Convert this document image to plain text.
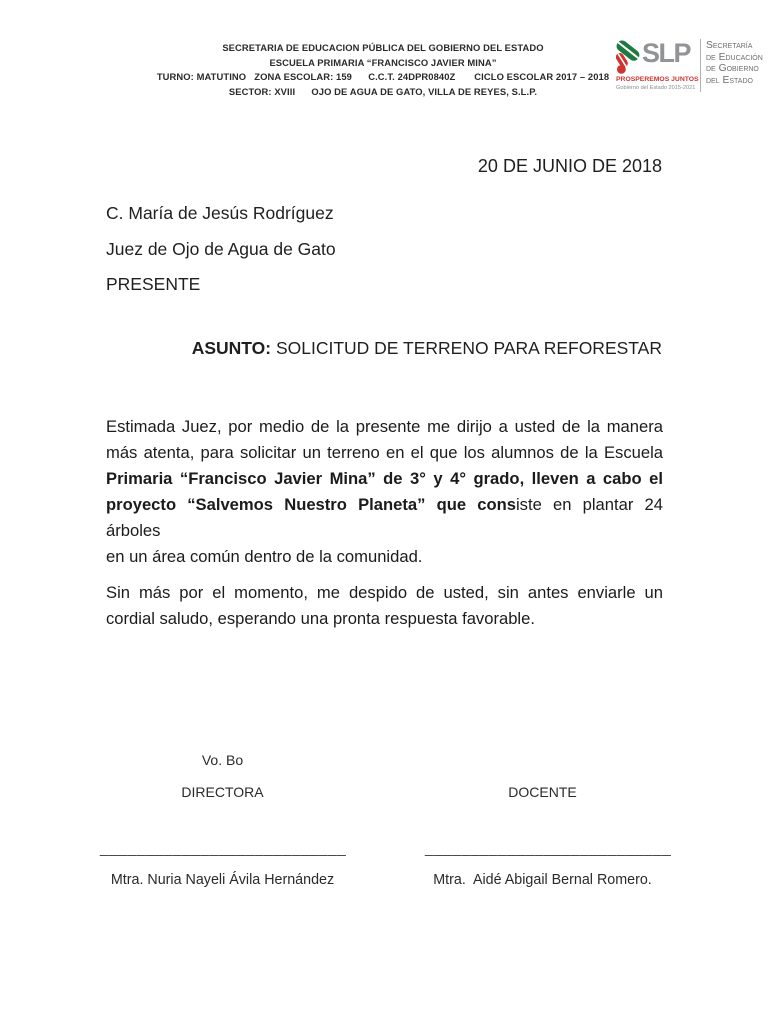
SECRETARIA DE EDUCACION PÚBLICA DEL GOBIERNO DEL ESTADO
ESCUELA PRIMARIA “FRANCISCO JAVIER MINA”
TURNO: MATUTINO   ZONA ESCOLAR: 159      C.C.T. 24DPR0840Z       CICLO ESCOLAR 2017 – 2018
SECTOR: XVIII      OJO DE AGUA DE GATO, VILLA DE REYES, S.L.P.
SLP
PROSPEREMOS JUNTOS
Gobierno del Estado 2015-2021
Secretaría
de Educación
de Gobierno
del Estado
20 DE JUNIO DE 2018
C. María de Jesús Rodríguez
Juez de Ojo de Agua de Gato
PRESENTE
ASUNTO: SOLICITUD DE TERRENO PARA REFORESTAR
Estimada Juez, por medio de la presente me dirijo a usted de la manera
más atenta, para solicitar un terreno en el que los alumnos de la Escuela
Primaria “Francisco Javier Mina” de 3° y 4° grado, lleven a cabo el
proyecto “Salvemos Nuestro Planeta” que consiste en plantar 24 árboles
en un área común dentro de la comunidad.
Sin más por el momento, me despido de usted, sin antes enviarle un
cordial saludo, esperando una pronta respuesta favorable.
Vo. Bo
DIRECTORA	DOCENTE
___________________________	___________________________
Mtra. Nuria Nayeli Ávila Hernández	Mtra.  Aidé Abigail Bernal Romero.
